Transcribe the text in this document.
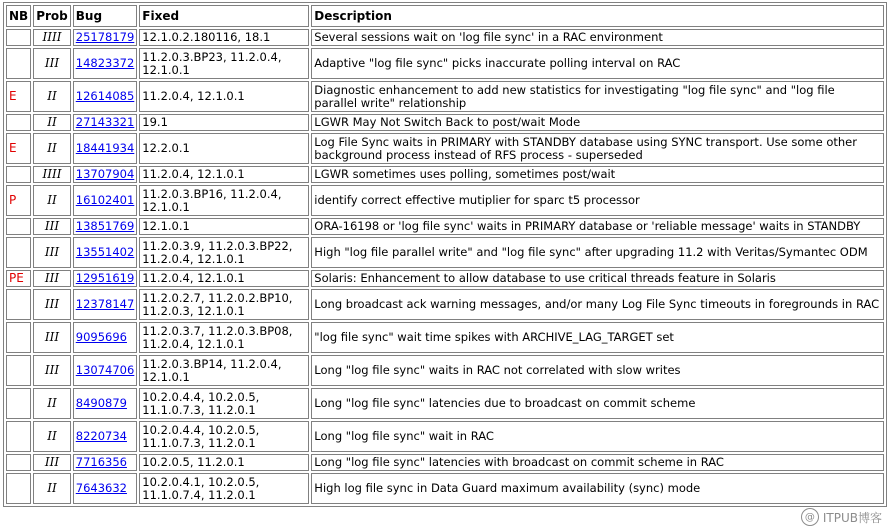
NB	Prob	Bug	Fixed	Description
	IIII	25178179	12.1.0.2.180116, 18.1	Several sessions wait on 'log file sync' in a RAC environment
	III	14823372	11.2.0.3.BP23, 11.2.0.4, 12.1.0.1	Adaptive "log file sync" picks inaccurate polling interval on RAC
E	II	12614085	11.2.0.4, 12.1.0.1	Diagnostic enhancement to add new statistics for investigating "log file sync" and "log file parallel write" relationship
	II	27143321	19.1	LGWR May Not Switch Back to post/wait Mode
E	II	18441934	12.2.0.1	Log File Sync waits in PRIMARY with STANDBY database using SYNC transport. Use some other background process instead of RFS process - superseded
	IIII	13707904	11.2.0.4, 12.1.0.1	LGWR sometimes uses polling, sometimes post/wait
P	II	16102401	11.2.0.3.BP16, 11.2.0.4, 12.1.0.1	identify correct effective mutiplier for sparc t5 processor
	III	13851769	12.1.0.1	ORA-16198 or 'log file sync' waits in PRIMARY database or 'reliable message' waits in STANDBY
	III	13551402	11.2.0.3.9, 11.2.0.3.BP22, 11.2.0.4, 12.1.0.1	High "log file parallel write" and "log file sync" after upgrading 11.2 with Veritas/Symantec ODM
PE	III	12951619	11.2.0.4, 12.1.0.1	Solaris: Enhancement to allow database to use critical threads feature in Solaris
	III	12378147	11.2.0.2.7, 11.2.0.2.BP10, 11.2.0.3, 12.1.0.1	Long broadcast ack warning messages, and/or many Log File Sync timeouts in foregrounds in RAC
	III	9095696	11.2.0.3.7, 11.2.0.3.BP08, 11.2.0.4, 12.1.0.1	"log file sync" wait time spikes with ARCHIVE_LAG_TARGET set
	III	13074706	11.2.0.3.BP14, 11.2.0.4, 12.1.0.1	Long "log file sync" waits in RAC not correlated with slow writes
	II	8490879	10.2.0.4.4, 10.2.0.5, 11.1.0.7.3, 11.2.0.1	Long "log file sync" latencies due to broadcast on commit scheme
	II	8220734	10.2.0.4.4, 10.2.0.5, 11.1.0.7.3, 11.2.0.1	Long "log file sync" wait in RAC
	III	7716356	10.2.0.5, 11.2.0.1	Long "log file sync" latencies with broadcast on commit scheme in RAC
	II	7643632	10.2.0.4.1, 10.2.0.5, 11.1.0.7.4, 11.2.0.1	High log file sync in Data Guard maximum availability (sync) mode
@ ITPUB博客
